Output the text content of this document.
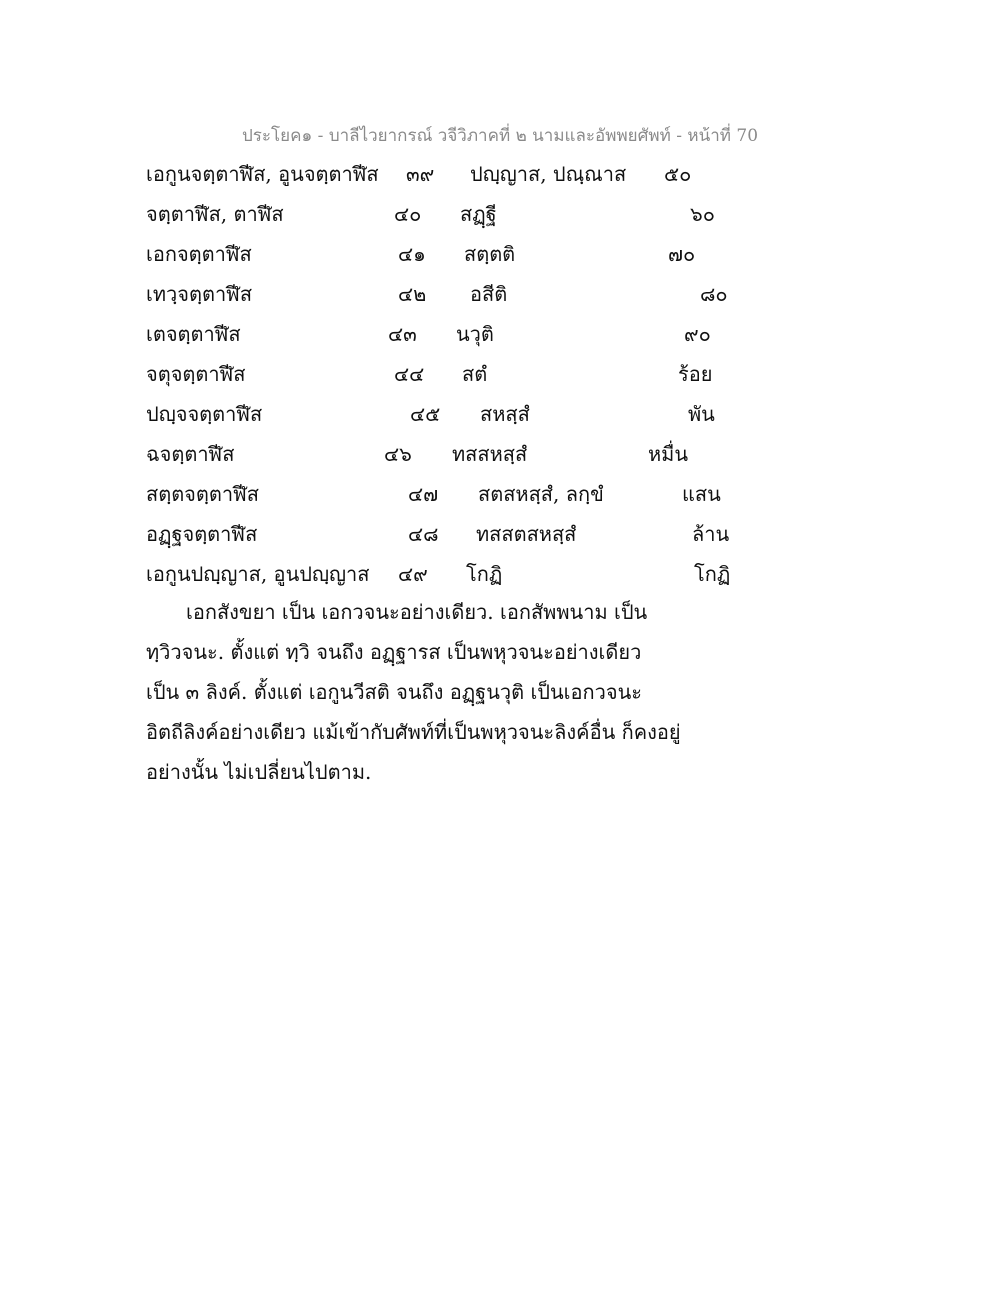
ประโยค๑ - บาลีไวยากรณ์ วจีวิภาคที่ ๒ นามและอัพพยศัพท์ - หน้าที่ 70
เอกูนจตฺตาฬีส, อูนจตฺตาฬีส ๓๙ ปญฺญาส, ปณฺณาส ๕๐
จตฺตาฬีส, ตาฬีส	๔๐ สฏฺฐี	๖๐
เอกจตฺตาฬีส	๔๑ สตฺตติ	๗๐
เทวฺจตฺตาฬีส	๔๒ อสีติ	๘๐
เตจตฺตาฬีส	๔๓ นวุติ	๙๐
จตุจตฺตาฬีส	๔๔ สตํ	ร้อย
ปญฺจจตฺตาฬีส	๔๕ สหสฺสํ	พัน
ฉจตฺตาฬีส	๔๖ ทสสหสฺสํ	หมื่น
สตฺตจตฺตาฬีส	๔๗ สตสหสฺสํ, ลกฺขํ	แสน
อฏฺฐจตฺตาฬีส	๔๘ ทสสตสหสฺสํ	ล้าน
เอกูนปญฺญาส, อูนปญฺญาส ๔๙ โกฏิ	โกฏิ
เอกสังขยา เป็น เอกวจนะอย่างเดียว. เอกสัพพนาม เป็น
ทฺวิวจนะ. ตั้งแต่ ทฺวิ จนถึง อฏฺฐารส เป็นพหุวจนะอย่างเดียว
เป็น ๓ ลิงค์. ตั้งแต่ เอกูนวีสติ จนถึง อฏฺฐนวุติ เป็นเอกวจนะ
อิตถีลิงค์อย่างเดียว แม้เข้ากับศัพท์ที่เป็นพหุวจนะลิงค์อื่น ก็คงอยู่
อย่างนั้น ไม่เปลี่ยนไปตาม.
